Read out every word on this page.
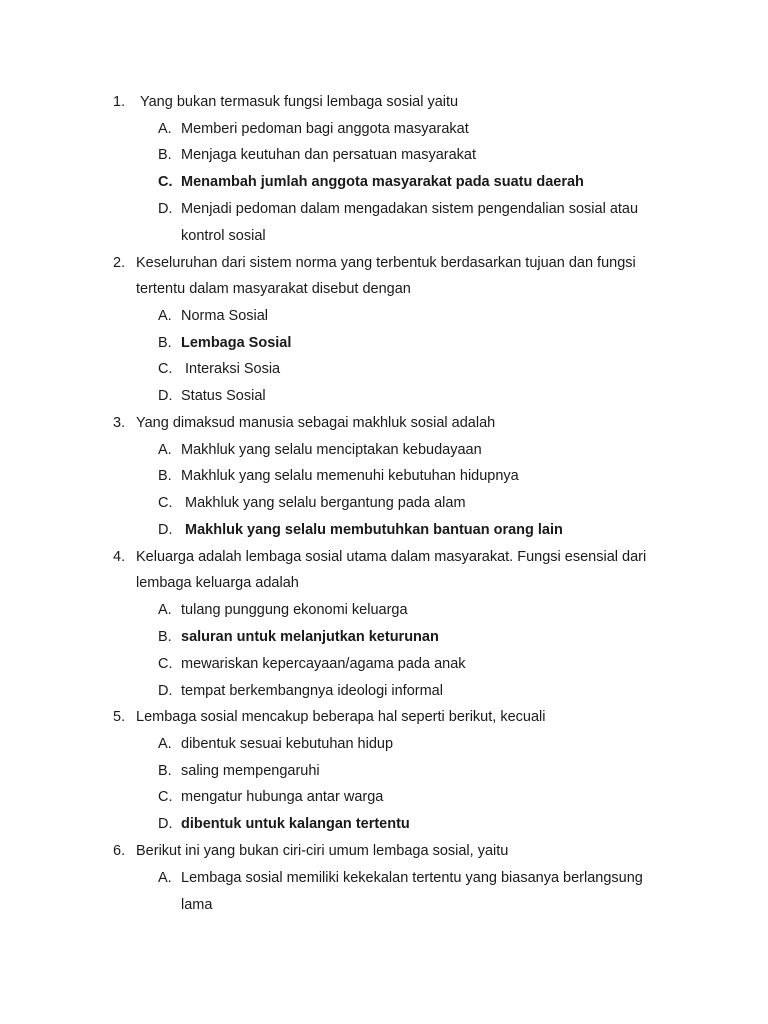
1. Yang bukan termasuk fungsi lembaga sosial yaitu
A. Memberi pedoman bagi anggota masyarakat
B. Menjaga keutuhan dan persatuan masyarakat
C. Menambah jumlah anggota masyarakat pada suatu daerah
D. Menjadi pedoman dalam mengadakan sistem pengendalian sosial atau
kontrol sosial
2. Keseluruhan dari sistem norma yang terbentuk berdasarkan tujuan dan fungsi
tertentu dalam masyarakat disebut dengan
A. Norma Sosial
B. Lembaga Sosial
C. Interaksi Sosia
D. Status Sosial
3. Yang dimaksud manusia sebagai makhluk sosial adalah
A. Makhluk yang selalu menciptakan kebudayaan
B. Makhluk yang selalu memenuhi kebutuhan hidupnya
C. Makhluk yang selalu bergantung pada alam
D. Makhluk yang selalu membutuhkan bantuan orang lain
4. Keluarga adalah lembaga sosial utama dalam masyarakat. Fungsi esensial dari
lembaga keluarga adalah
A. tulang punggung ekonomi keluarga
B. saluran untuk melanjutkan keturunan
C. mewariskan kepercayaan/agama pada anak
D. tempat berkembangnya ideologi informal
5. Lembaga sosial mencakup beberapa hal seperti berikut, kecuali
A. dibentuk sesuai kebutuhan hidup
B. saling mempengaruhi
C. mengatur hubunga antar warga
D. dibentuk untuk kalangan tertentu
6. Berikut ini yang bukan ciri-ciri umum lembaga sosial, yaitu
A. Lembaga sosial memiliki kekekalan tertentu yang biasanya berlangsung
lama
